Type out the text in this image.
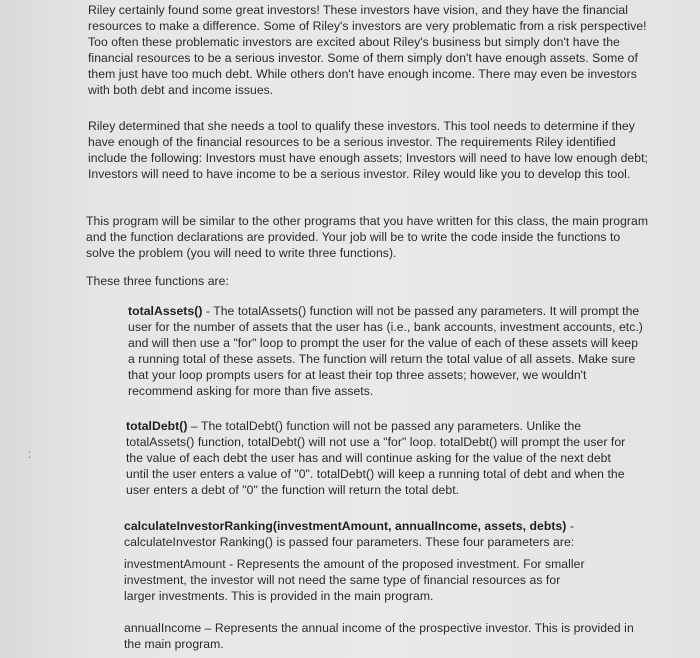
Riley certainly found some great investors! These investors have vision, and they have the financial resources to make a difference. Some of Riley's investors are very problematic from a risk perspective! Too often these problematic investors are excited about Riley's business but simply don't have the financial resources to be a serious investor. Some of them simply don't have enough assets. Some of them just have too much debt. While others don't have enough income. There may even be investors with both debt and income issues.

Riley determined that she needs a tool to qualify these investors. This tool needs to determine if they have enough of the financial resources to be a serious investor. The requirements Riley identified include the following: Investors must have enough assets; Investors will need to have low enough debt; Investors will need to have income to be a serious investor. Riley would like you to develop this tool.

This program will be similar to the other programs that you have written for this class, the main program and the function declarations are provided. Your job will be to write the code inside the functions to solve the problem (you will need to write three functions).

These three functions are:

totalAssets() - The totalAssets() function will not be passed any parameters. It will prompt the user for the number of assets that the user has (i.e., bank accounts, investment accounts, etc.) and will then use a "for" loop to prompt the user for the value of each of these assets will keep a running total of these assets. The function will return the total value of all assets. Make sure that your loop prompts users for at least their top three assets; however, we wouldn't recommend asking for more than five assets.

totalDebt() – The totalDebt() function will not be passed any parameters. Unlike the totalAssets() function, totalDebt() will not use a "for" loop. totalDebt() will prompt the user for the value of each debt the user has and will continue asking for the value of the next debt until the user enters a value of "0". totalDebt() will keep a running total of debt and when the user enters a debt of "0" the function will return the total debt.

calculateInvestorRanking(investmentAmount, annualIncome, assets, debts) - calculateInvestor Ranking() is passed four parameters. These four parameters are:

investmentAmount - Represents the amount of the proposed investment. For smaller investment, the investor will not need the same type of financial resources as for larger investments. This is provided in the main program.

annualIncome – Represents the annual income of the prospective investor. This is provided in the main program.

⁚
